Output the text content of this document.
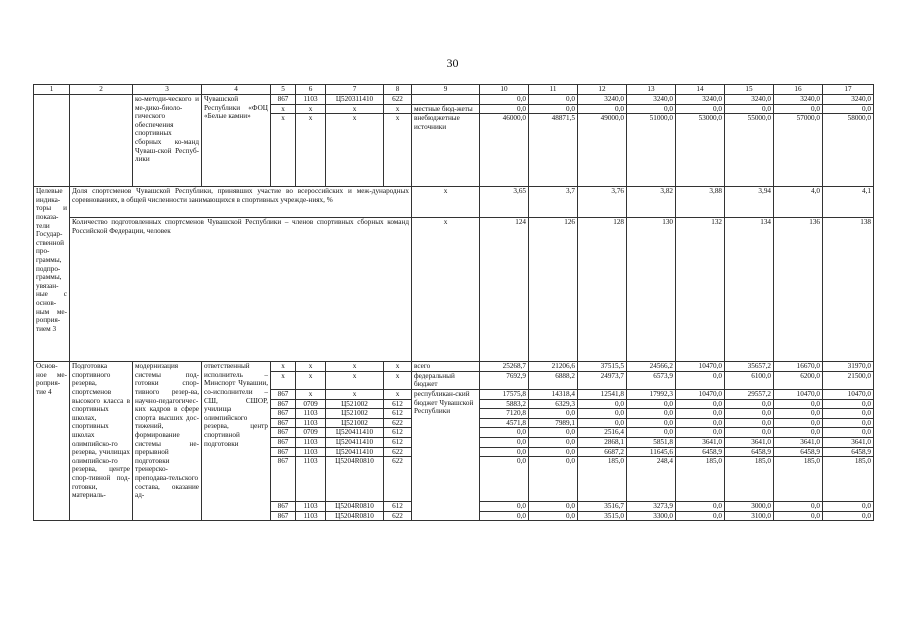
30
1	2	3	4	5	6	7	8	9	10	11	12	13	14	15	16	17
		ко-методи-ческого и ме-дико-биоло-гического обеспечения спортивных сборных ко-манд Чуваш-ской Респуб-лики	Чувашской Республики «ФОЦ «Белые камни»	867	1103	Ц520311410	622		0,0	0,0	3240,0	3240,0	3240,0	3240,0	3240,0	3240,0
				х	х	х	х	местные бюд-жеты	0,0	0,0	0,0	0,0	0,0	0,0	0,0	0,0
				х	х	х	х	внебюджетные источники	46000,0	48871,5	49000,0	51000,0	53000,0	55000,0	57000,0	58000,0
Целевые индика-торы и показа-тели Государ-ственной про-граммы, подпро-граммы, увязан-ные с основ-ным ме-роприя-тием 3	Доля спортсменов Чувашской Республики, принявших участие во всероссийских и меж-дународных соревнованиях, в общей численности занимающихся в спортивных учрежде-ниях, %							х	3,65	3,7	3,76	3,82	3,88	3,94	4,0	4,1
	Количество подготовленных спортсменов Чувашской Республики – членов спортивных сборных команд Российской Федерации, человек							х	124	126	128	130	132	134	136	138
Основ-ное ме-роприя-тие 4	Подготовка спортивного резерва, спортсменов высокого класса в спортивных школах, спортивных школах олимпийско-го резерва, училищах олимпийско-го резерва, центре спор-тивной под-готовки, материаль-	модернизация системы под-готовки спор-тивного резер-ва, научно-педагогичес-ких кадров в сфере спорта высших дос-тижений, формирование системы не-прерывной подготовки тренерско-преподава-тельского состава, оказание ад-	ответственный исполнитель – Минспорт Чувашии, со-исполнители – СШ, СШОР, училища олимпийского резерва, центр спортивной подготовки	х	х	х	х	всего	25268,7	21206,6	37515,5	24566,2	10470,0	35657,2	16670,0	31970,0
				х	х	х	х	федеральный бюджет	7692,9	6888,2	24973,7	6573,9	0,0	6100,0	6200,0	21500,0
				867	х	х	х	республикан-ский бюджет Чувашской Республики	17575,8	14318,4	12541,8	17992,3	10470,0	29557,2	10470,0	10470,0
				867	0709	Ц521002	612		5883,2	6329,3	0,0	0,0	0,0	0,0	0,0	0,0
				867	1103	Ц521002	612		7120,8	0,0	0,0	0,0	0,0	0,0	0,0	0,0
				867	1103	Ц521002	622		4571,8	7989,1	0,0	0,0	0,0	0,0	0,0	0,0
				867	0709	Ц520411410	612		0,0	0,0	2516,4	0,0	0,0	0,0	0,0	0,0
				867	1103	Ц520411410	612		0,0	0,0	2868,1	5851,8	3641,0	3641,0	3641,0	3641,0
				867	1103	Ц520411410	622		0,0	0,0	6687,2	11645,6	6458,9	6458,9	6458,9	6458,9
				867	1103	Ц5204R0810	622		0,0	0,0	185,0	248,4	185,0	185,0	185,0	185,0
				867	1103	Ц5204R0810	612		0,0	0,0	3516,7	3273,9	0,0	3000,0	0,0	0,0
				867	1103	Ц5204R0810	622		0,0	0,0	3515,0	3300,0	0,0	3100,0	0,0	0,0
